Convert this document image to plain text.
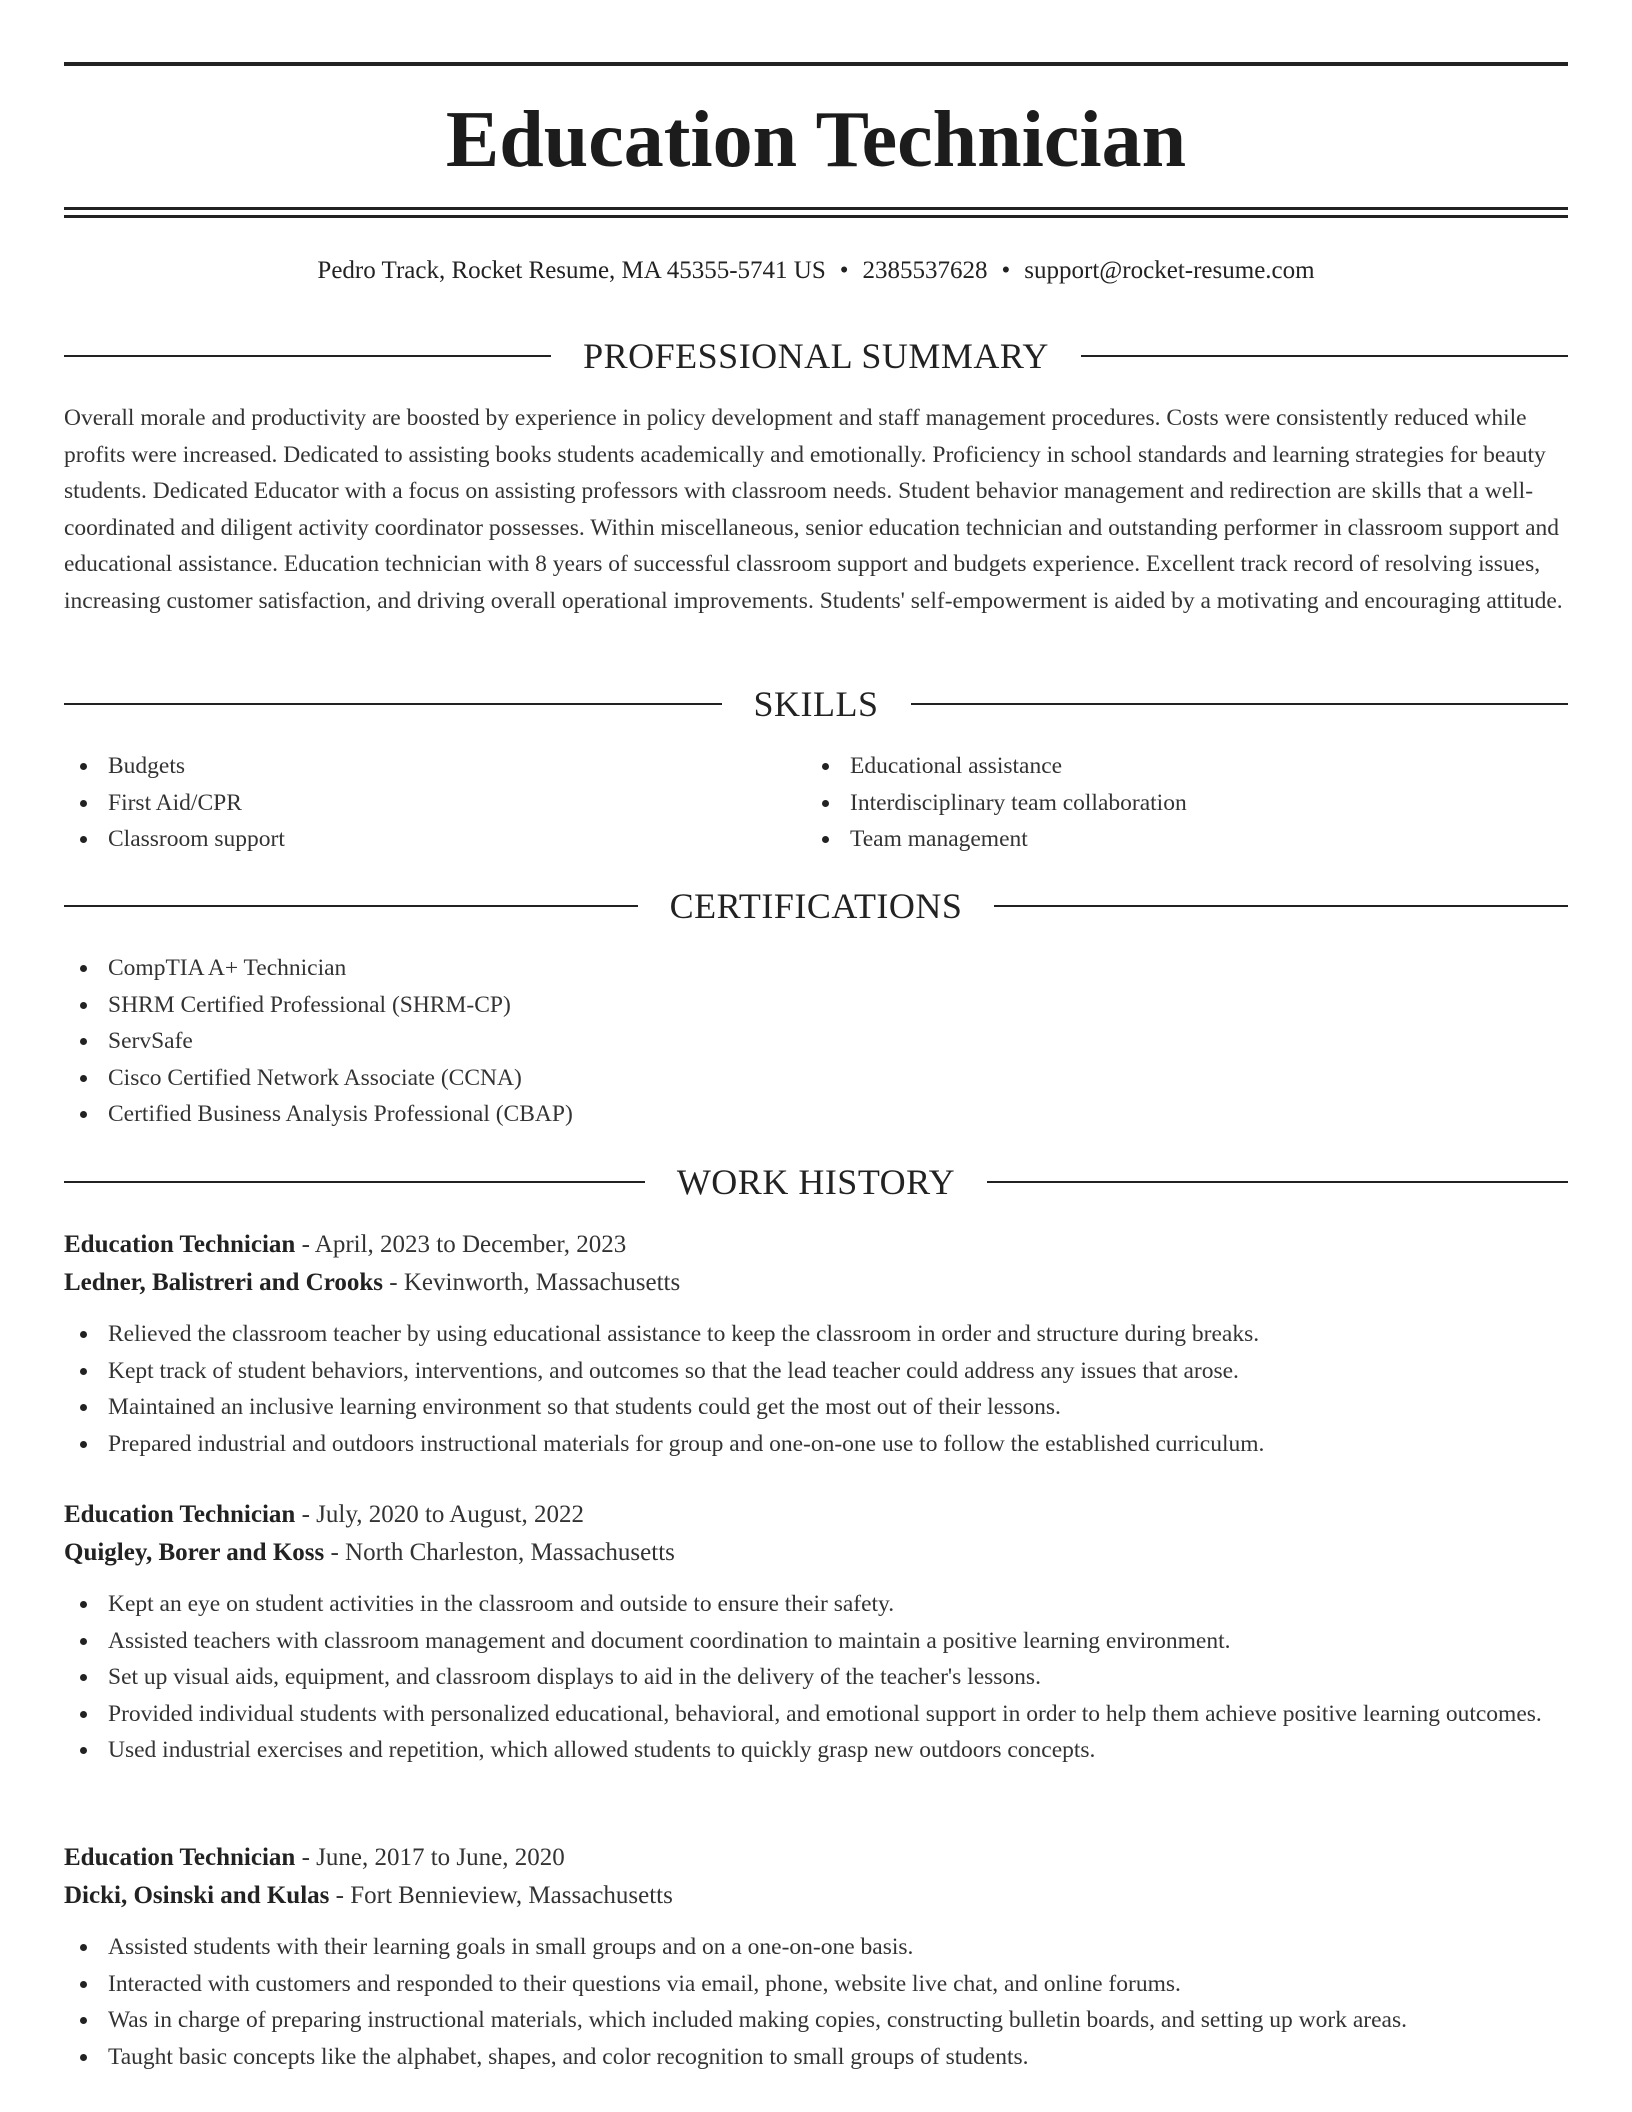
Education Technician
Pedro Track, Rocket Resume, MA 45355-5741 US • 2385537628 • support@rocket-resume.com
PROFESSIONAL SUMMARY

Overall morale and productivity are boosted by experience in policy development and staff management procedures. Costs were consistently reduced while profits were increased. Dedicated to assisting books students academically and emotionally. Proficiency in school standards and learning strategies for beauty students. Dedicated Educator with a focus on assisting professors with classroom needs. Student behavior management and redirection are skills that a well-coordinated and diligent activity coordinator possesses. Within miscellaneous, senior education technician and outstanding performer in classroom support and educational assistance. Education technician with 8 years of successful classroom support and budgets experience. Excellent track record of resolving issues, increasing customer satisfaction, and driving overall operational improvements. Students' self-empowerment is aided by a motivating and encouraging attitude.

SKILLS
Budgets
First Aid/CPR
Classroom support
Educational assistance
Interdisciplinary team collaboration
Team management
CERTIFICATIONS
CompTIA A+ Technician
SHRM Certified Professional (SHRM-CP)
ServSafe
Cisco Certified Network Associate (CCNA)
Certified Business Analysis Professional (CBAP)
WORK HISTORY
Education Technician - April, 2023 to December, 2023
Ledner, Balistreri and Crooks - Kevinworth, Massachusetts
Relieved the classroom teacher by using educational assistance to keep the classroom in order and structure during breaks.
Kept track of student behaviors, interventions, and outcomes so that the lead teacher could address any issues that arose.
Maintained an inclusive learning environment so that students could get the most out of their lessons.
Prepared industrial and outdoors instructional materials for group and one-on-one use to follow the established curriculum.
Education Technician - July, 2020 to August, 2022
Quigley, Borer and Koss - North Charleston, Massachusetts
Kept an eye on student activities in the classroom and outside to ensure their safety.
Assisted teachers with classroom management and document coordination to maintain a positive learning environment.
Set up visual aids, equipment, and classroom displays to aid in the delivery of the teacher's lessons.
Provided individual students with personalized educational, behavioral, and emotional support in order to help them achieve positive learning outcomes.
Used industrial exercises and repetition, which allowed students to quickly grasp new outdoors concepts.
Education Technician - June, 2017 to June, 2020
Dicki, Osinski and Kulas - Fort Bennieview, Massachusetts
Assisted students with their learning goals in small groups and on a one-on-one basis.
Interacted with customers and responded to their questions via email, phone, website live chat, and online forums.
Was in charge of preparing instructional materials, which included making copies, constructing bulletin boards, and setting up work areas.
Taught basic concepts like the alphabet, shapes, and color recognition to small groups of students.
